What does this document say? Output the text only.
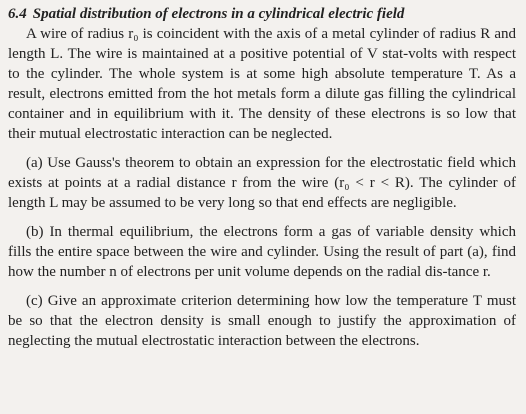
6.4 Spatial distribution of electrons in a cylindrical electric field

A wire of radius r₀ is coincident with the axis of a metal cylinder of radius R and length L. The wire is maintained at a positive potential of V stat-volts with respect to the cylinder. The whole system is at some high absolute temperature T. As a result, electrons emitted from the hot metals form a dilute gas filling the cylindrical container and in equilibrium with it. The density of these electrons is so low that their mutual electrostatic interaction can be neglected.

(a) Use Gauss's theorem to obtain an expression for the electrostatic field which exists at points at a radial distance r from the wire (r₀ < r < R). The cylinder of length L may be assumed to be very long so that end effects are negligible.

(b) In thermal equilibrium, the electrons form a gas of variable density which fills the entire space between the wire and cylinder. Using the result of part (a), find how the number n of electrons per unit volume depends on the radial dis-tance r.

(c) Give an approximate criterion determining how low the temperature T must be so that the electron density is small enough to justify the approximation of neglecting the mutual electrostatic interaction between the electrons.
